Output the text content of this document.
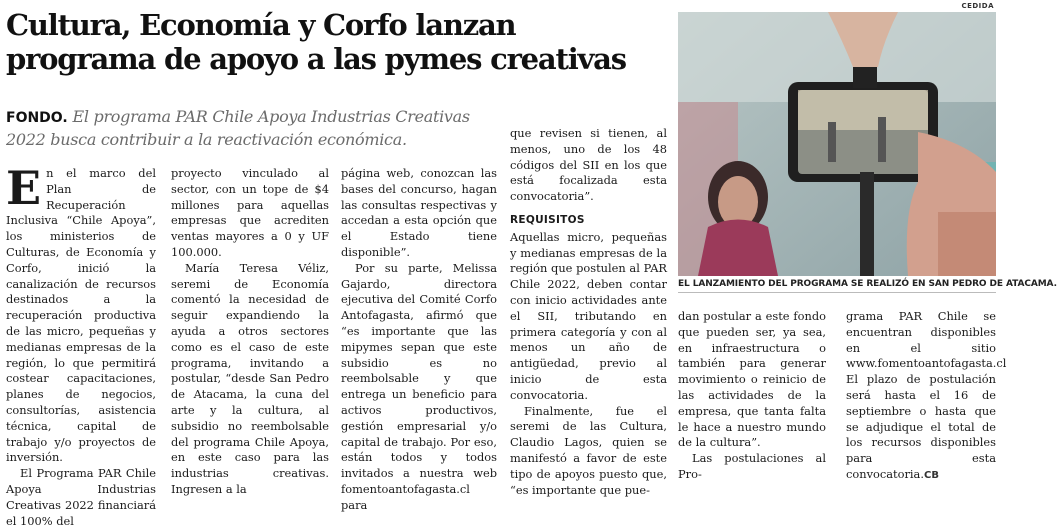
CEDIDA
Cultura, Economía y Corfo lanzan
programa de apoyo a las pymes creativas
FONDO. El programa PAR Chile Apoya Industrias Creativas 2022 busca contribuir a la reactivación económica.

En el marco del Plan de Recuperación Inclusiva “Chile Apoya”, los ministerios de Culturas, de Economía y Corfo, inició la canalización de recursos destinados a la recuperación productiva de las micro, pequeñas y medianas empresas de la región, lo que permitirá costear capacitaciones, planes de negocios, consultorías, asistencia técnica, capital de trabajo y/o proyectos de inversión.

El Programa PAR Chile Apoya Industrias Creativas 2022 financiará el 100% del

proyecto vinculado al sector, con un tope de $4 millones para aquellas empresas que acrediten ventas mayores a 0 y UF 100.000.

María Teresa Véliz, seremi de Economía comentó la necesidad de seguir expandiendo la ayuda a otros sectores como es el caso de este programa, invitando a postular, “desde San Pedro de Atacama, la cuna del arte y la cultura, al subsidio no reembolsable del programa Chile Apoya, en este caso para las industrias creativas. Ingresen a la

página web, conozcan las bases del concurso, hagan las consultas respectivas y accedan a esta opción que el Estado tiene disponible”.

Por su parte, Melissa Gajardo, directora ejecutiva del Comité Corfo Antofagasta, afirmó que “es importante que las mipymes sepan que este subsidio es no reembolsable y que entrega un beneficio para activos productivos, gestión empresarial y/o capital de trabajo. Por eso, están todos y todos invitados a nuestra web fomentoantofagasta.cl para

que revisen si tienen, al menos, uno de los 48 códigos del SII en los que está focalizada esta convocatoria”.

REQUISITOS

Aquellas micro, pequeñas y medianas empresas de la región que postulen al PAR Chile 2022, deben contar con inicio actividades ante el SII, tributando en primera categoría y con al menos un año de antigüedad, previo al inicio de esta convocatoria.

Finalmente, fue el seremi de las Cultura, Claudio Lagos, quien se manifestó a favor de este tipo de apoyos puesto que, “es importante que pue-

EL LANZAMIENTO DEL PROGRAMA SE REALIZÓ EN SAN PEDRO DE ATACAMA.

dan postular a este fondo que pueden ser, ya sea, en infraestructura o también para generar movimiento o reinicio de las actividades de la empresa, que tanta falta le hace a nuestro mundo de la cultura”.

Las postulaciones al Pro-

grama PAR Chile se encuentran disponibles en el sitio www.fomentoantofagasta.cl El plazo de postulación será hasta el 16 de septiembre o hasta que se adjudique el total de los recursos disponibles para esta convocatoria.CB
